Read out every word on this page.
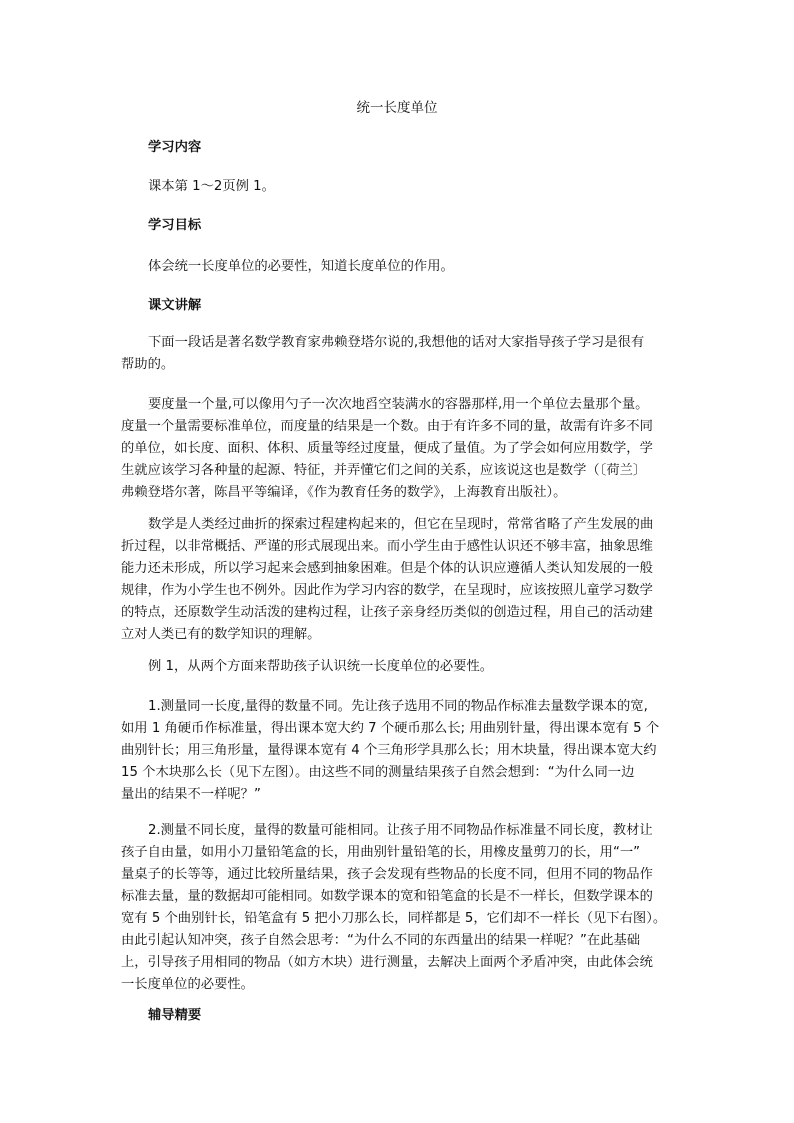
统一长度单位
学习内容
课本第 1～2页例 1。
学习目标
体会统一长度单位的必要性，知道长度单位的作用。
课文讲解
下面一段话是著名数学教育家弗赖登塔尔说的,我想他的话对大家指导孩子学习是很有
帮助的。
要度量一个量,可以像用勺子一次次地舀空装满水的容器那样,用一个单位去量那个量。
度量一个量需要标准单位，而度量的结果是一个数。由于有许多不同的量，故需有许多不同
的单位，如长度、面积、体积、质量等经过度量，便成了量值。为了学会如何应用数学，学
生就应该学习各种量的起源、特征，并弄懂它们之间的关系，应该说这也是数学（〔荷兰〕
弗赖登塔尔著，陈昌平等编译，《作为教育任务的数学》，上海教育出版社）。
数学是人类经过曲折的探索过程建构起来的，但它在呈现时，常常省略了产生发展的曲
折过程，以非常概括、严谨的形式展现出来。而小学生由于感性认识还不够丰富，抽象思维
能力还未形成，所以学习起来会感到抽象困难。但是个体的认识应遵循人类认知发展的一般
规律，作为小学生也不例外。因此作为学习内容的数学，在呈现时，应该按照儿童学习数学
的特点，还原数学生动活泼的建构过程，让孩子亲身经历类似的创造过程，用自己的活动建
立对人类已有的数学知识的理解。
例 1，从两个方面来帮助孩子认识统一长度单位的必要性。
1.测量同一长度,量得的数量不同。先让孩子选用不同的物品作标准去量数学课本的宽,
如用 1 角硬币作标准量，得出课本宽大约 7 个硬币那么长; 用曲别针量，得出课本宽有 5 个
曲别针长；用三角形量，量得课本宽有 4 个三角形学具那么长；用木块量，得出课本宽大约
15 个木块那么长（见下左图）。由这些不同的测量结果孩子自然会想到：“为什么同一边
量出的结果不一样呢？”
2.测量不同长度，量得的数量可能相同。让孩子用不同物品作标准量不同长度，教材让
孩子自由量，如用小刀量铅笔盒的长，用曲别针量铅笔的长，用橡皮量剪刀的长，用“一”
量桌子的长等等，通过比较所量结果，孩子会发现有些物品的长度不同，但用不同的物品作
标准去量，量的数据却可能相同。如数学课本的宽和铅笔盒的长是不一样长，但数学课本的
宽有 5 个曲别针长，铅笔盒有 5 把小刀那么长，同样都是 5，它们却不一样长（见下右图）。
由此引起认知冲突，孩子自然会思考：“为什么不同的东西量出的结果一样呢？”在此基础
上，引导孩子用相同的物品（如方木块）进行测量，去解决上面两个矛盾冲突，由此体会统
一长度单位的必要性。
辅导精要
